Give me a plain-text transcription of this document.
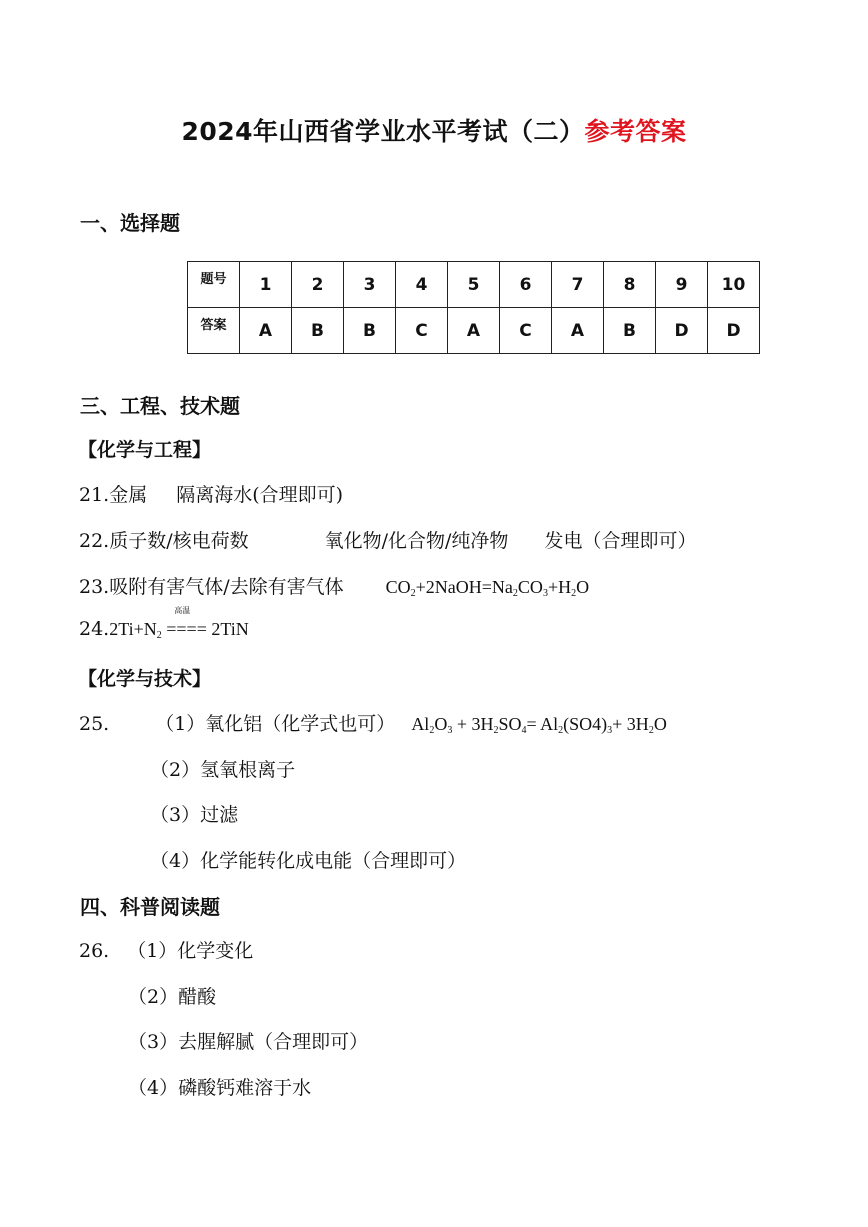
2024年山西省学业水平考试（二）参考答案
一、选择题
题号	1	2	3	4	5	6	7	8	9	10
答案	A	B	B	C	A	C	A	B	D	D
三、工程、技术题
【化学与工程】
21.金属 隔离海水(合理即可)
22.质子数/核电荷数	氧化物/化合物/纯净物 发电（合理即可）
23.吸附有害气体/去除有害气体 $CO_2+2NaOH=Na_2CO_3+H_2O$
$24.2Ti+N_2$ ====
高温
2TiN
【化学与技术】
25. （1）氧化铝（化学式也可） $Al_2O_3 + 3H_2SO_4= Al_2(SO4)_3+ 3H_2O$
（2）氢氧根离子
（3）过滤
（4）化学能转化成电能（合理即可）
四、科普阅读题
26. （1）化学变化
（2）醋酸
（3）去腥解腻（合理即可）
（4）磷酸钙难溶于水
